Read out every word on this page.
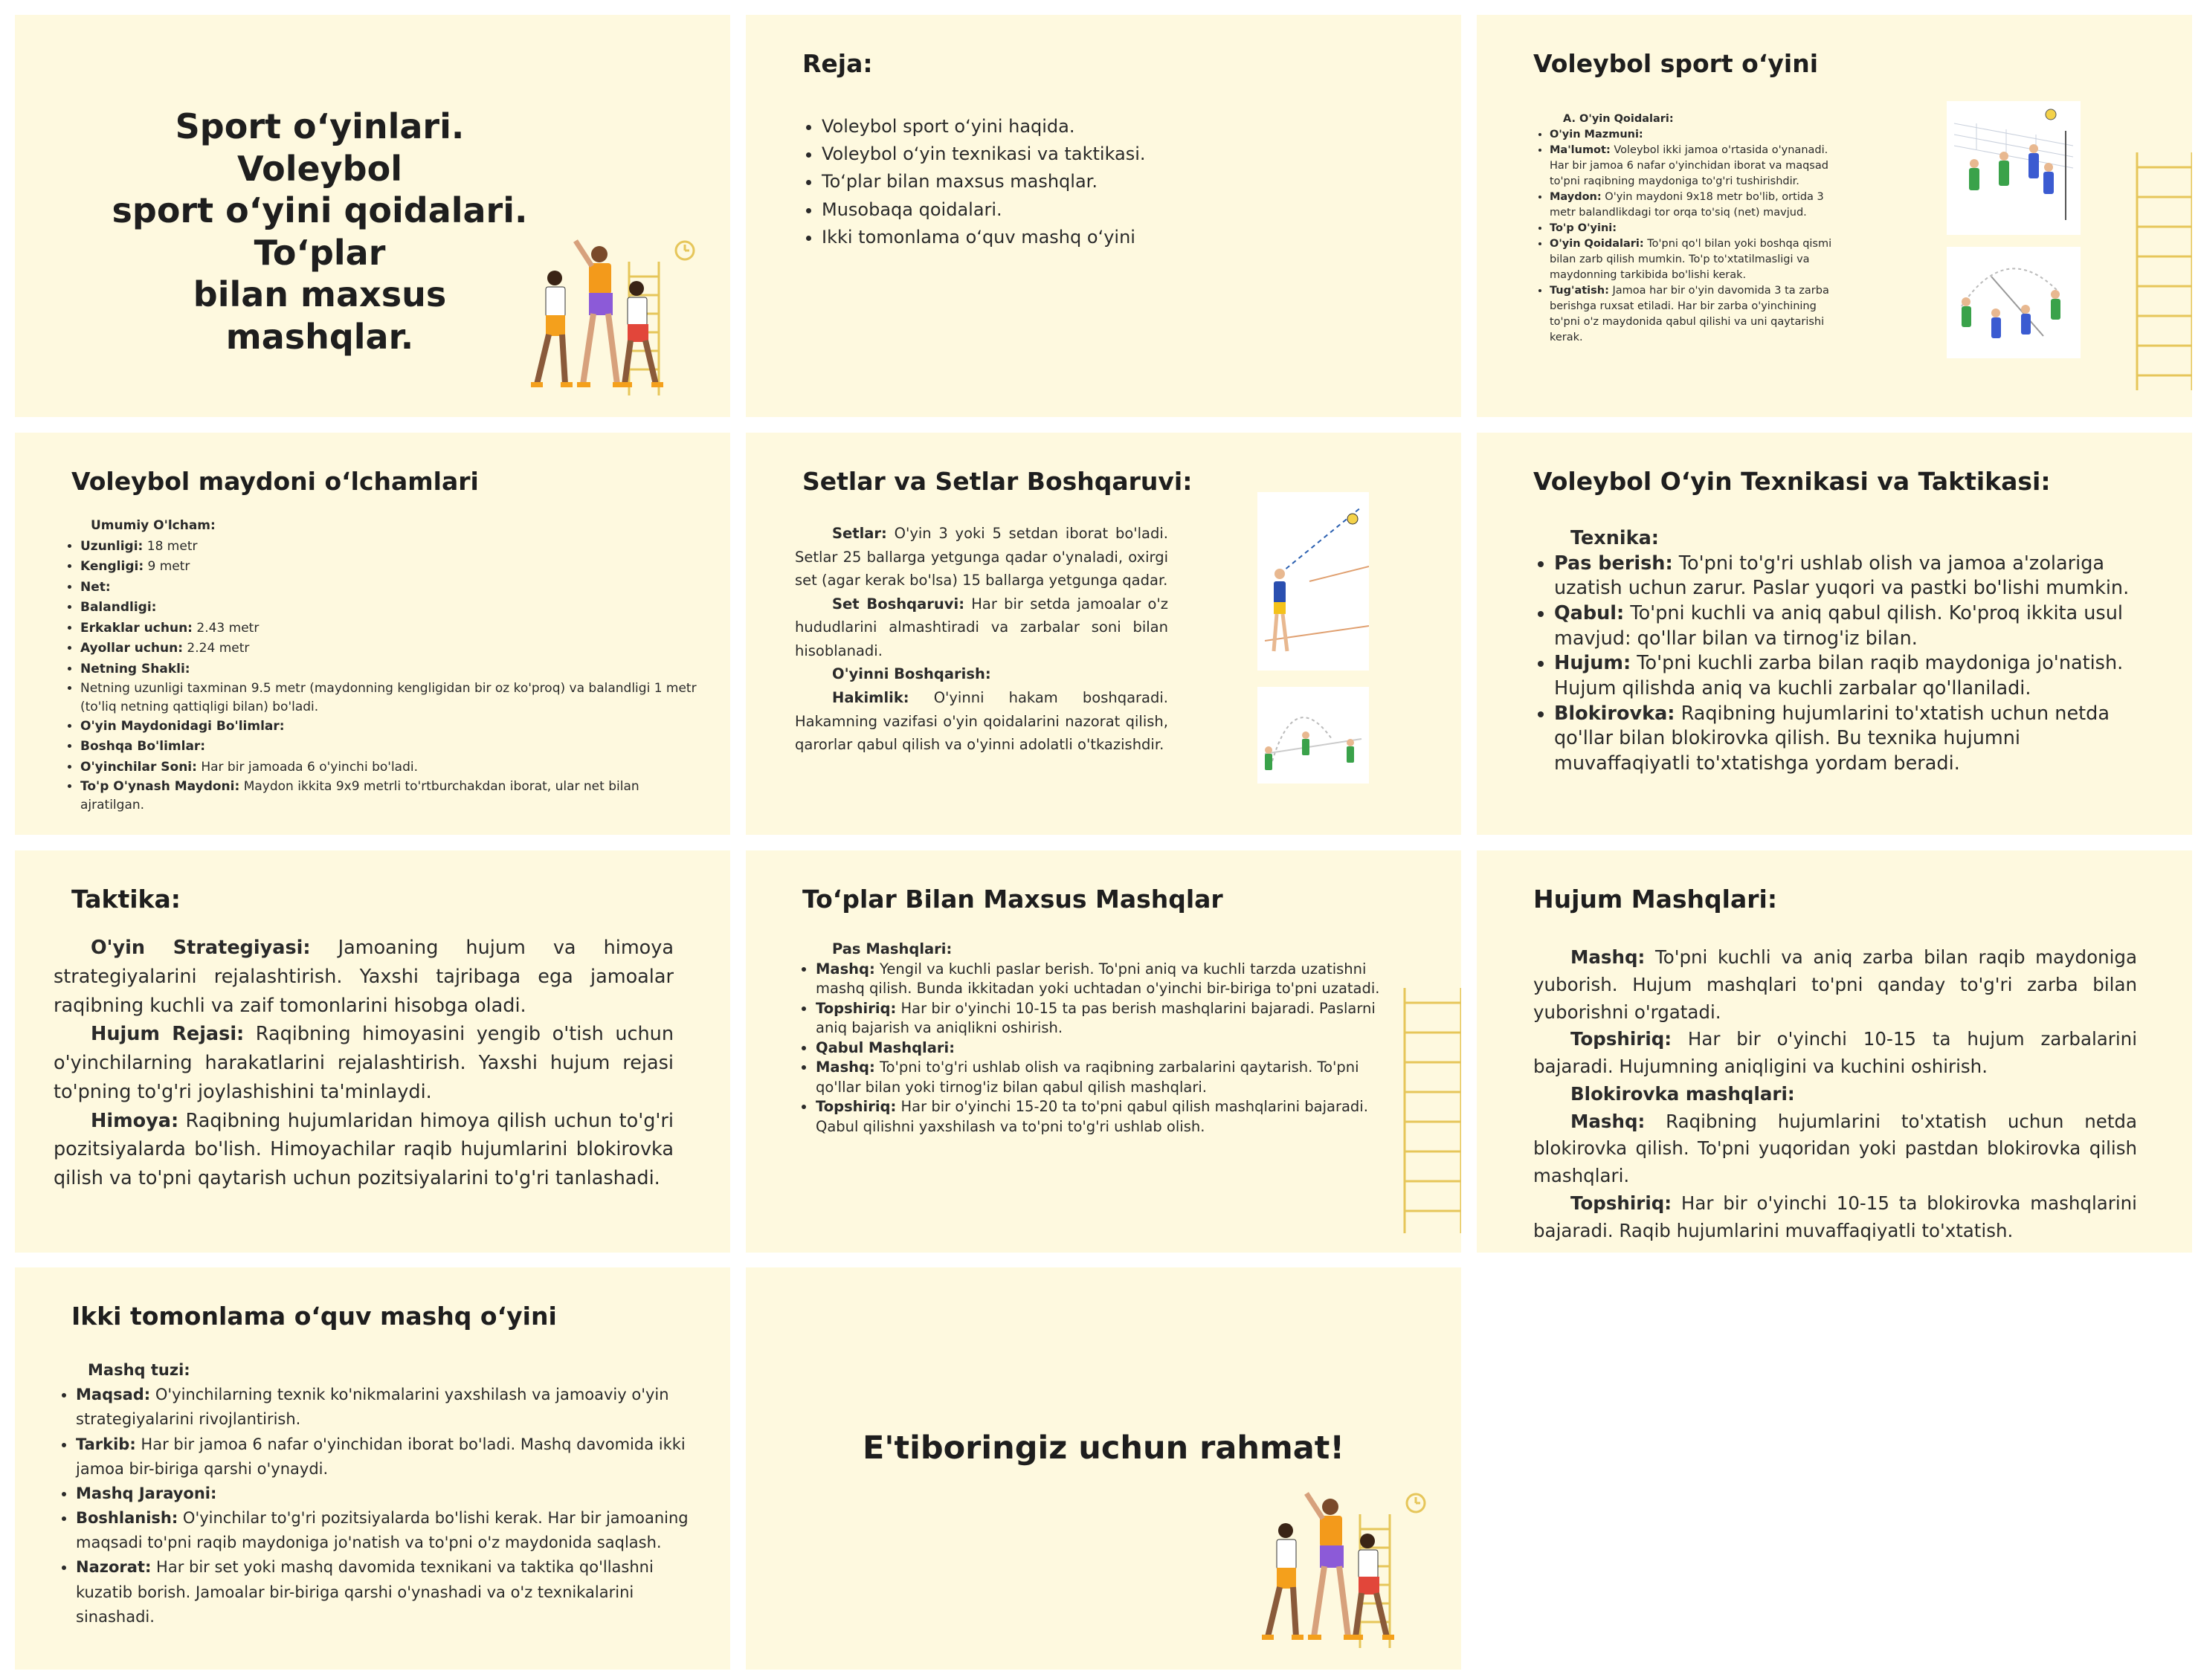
Sport o‘yinlari. Voleybol
sport o‘yini qoidalari. To‘plar
bilan maxsus mashqlar.
Reja:
• Voleybol sport o‘yini haqida.
• Voleybol o‘yin texnikasi va taktikasi.
• To‘plar bilan maxsus mashqlar.
• Musobaqa qoidalari.
• Ikki tomonlama o‘quv mashq o‘yini
Voleybol sport o‘yini

A. O'yin Qoidalari:

• O'yin Mazmuni:
• Ma'lumot: Voleybol ikki jamoa o'rtasida o'ynanadi. Har bir jamoa 6 nafar o'yinchidan iborat va maqsad to'pni raqibning maydoniga to'g'ri tushirishdir.
• Maydon: O'yin maydoni 9x18 metr bo'lib, ortida 3 metr balandlikdagi tor orqa to'siq (net) mavjud.
• To'p O'yini:
• O'yin Qoidalari: To'pni qo'l bilan yoki boshqa qismi bilan zarb qilish mumkin. To'p to'xtatilmasligi va maydonning tarkibida bo'lishi kerak.
• Tug'atish: Jamoa har bir o'yin davomida 3 ta zarba berishga ruxsat etiladi. Har bir zarba o'yinchining to'pni o'z maydonida qabul qilishi va uni qaytarishi kerak.
Voleybol maydoni o‘lchamlari

Umumiy O'lcham:

• Uzunligi: 18 metr
• Kengligi: 9 metr
• Net:
• Balandligi:
• Erkaklar uchun: 2.43 metr
• Ayollar uchun: 2.24 metr
• Netning Shakli:
• Netning uzunligi taxminan 9.5 metr (maydonning kengligidan bir oz ko'proq) va balandligi 1 metr (to'liq netning qattiqligi bilan) bo'ladi.
• O'yin Maydonidagi Bo'limlar:
• Boshqa Bo'limlar:
• O'yinchilar Soni: Har bir jamoada 6 o'yinchi bo'ladi.
• To'p O'ynash Maydoni: Maydon ikkita 9x9 metrli to'rtburchakdan iborat, ular net bilan ajratilgan.
Setlar va Setlar Boshqaruvi:

Setlar: O'yin 3 yoki 5 setdan iborat bo'ladi. Setlar 25 ballarga yetgunga qadar o'ynaladi, oxirgi set (agar kerak bo'lsa) 15 ballarga yetgunga qadar.

Set Boshqaruvi: Har bir setda jamoalar o'z hududlarini almashtiradi va zarbalar soni bilan hisoblanadi.

O'yinni Boshqarish:

Hakimlik: O'yinni hakam boshqaradi. Hakamning vazifasi o'yin qoidalarini nazorat qilish, qarorlar qabul qilish va o'yinni adolatli o'tkazishdir.

Voleybol O‘yin Texnikasi va Taktikasi:

Texnika:

• Pas berish: To'pni to'g'ri ushlab olish va jamoa a'zolariga uzatish uchun zarur. Paslar yuqori va pastki bo'lishi mumkin.
• Qabul: To'pni kuchli va aniq qabul qilish. Ko'proq ikkita usul mavjud: qo'llar bilan va tirnog'iz bilan.
• Hujum: To'pni kuchli zarba bilan raqib maydoniga jo'natish. Hujum qilishda aniq va kuchli zarbalar qo'llaniladi.
• Blokirovka: Raqibning hujumlarini to'xtatish uchun netda qo'llar bilan blokirovka qilish. Bu texnika hujumni muvaffaqiyatli to'xtatishga yordam beradi.
Taktika:

O'yin Strategiyasi: Jamoaning hujum va himoya strategiyalarini rejalashtirish. Yaxshi tajribaga ega jamoalar raqibning kuchli va zaif tomonlarini hisobga oladi.

Hujum Rejasi: Raqibning himoyasini yengib o'tish uchun o'yinchilarning harakatlarini rejalashtirish. Yaxshi hujum rejasi to'pning to'g'ri joylashishini ta'minlaydi.

Himoya: Raqibning hujumlaridan himoya qilish uchun to'g'ri pozitsiyalarda bo'lish. Himoyachilar raqib hujumlarini blokirovka qilish va to'pni qaytarish uchun pozitsiyalarini to'g'ri tanlashadi.

To‘plar Bilan Maxsus Mashqlar

Pas Mashqlari:

• Mashq: Yengil va kuchli paslar berish. To'pni aniq va kuchli tarzda uzatishni mashq qilish. Bunda ikkitadan yoki uchtadan o'yinchi bir-biriga to'pni uzatadi.
• Topshiriq: Har bir o'yinchi 10-15 ta pas berish mashqlarini bajaradi. Paslarni aniq bajarish va aniqlikni oshirish.
• Qabul Mashqlari:
• Mashq: To'pni to'g'ri ushlab olish va raqibning zarbalarini qaytarish. To'pni qo'llar bilan yoki tirnog'iz bilan qabul qilish mashqlari.
• Topshiriq: Har bir o'yinchi 15-20 ta to'pni qabul qilish mashqlarini bajaradi. Qabul qilishni yaxshilash va to'pni to'g'ri ushlab olish.
Hujum Mashqlari:

Mashq: To'pni kuchli va aniq zarba bilan raqib maydoniga yuborish. Hujum mashqlari to'pni qanday to'g'ri zarba bilan yuborishni o'rgatadi.

Topshiriq: Har bir o'yinchi 10-15 ta hujum zarbalarini bajaradi. Hujumning aniqligini va kuchini oshirish.

Blokirovka mashqlari:

Mashq: Raqibning hujumlarini to'xtatish uchun netda blokirovka qilish. To'pni yuqoridan yoki pastdan blokirovka qilish mashqlari.

Topshiriq: Har bir o'yinchi 10-15 ta blokirovka mashqlarini bajaradi. Raqib hujumlarini muvaffaqiyatli to'xtatish.

Ikki tomonlama o‘quv mashq o‘yini

Mashq tuzi:

• Maqsad: O'yinchilarning texnik ko'nikmalarini yaxshilash va jamoaviy o'yin strategiyalarini rivojlantirish.
• Tarkib: Har bir jamoa 6 nafar o'yinchidan iborat bo'ladi. Mashq davomida ikki jamoa bir-biriga qarshi o'ynaydi.
• Mashq Jarayoni:
• Boshlanish: O'yinchilar to'g'ri pozitsiyalarda bo'lishi kerak. Har bir jamoaning maqsadi to'pni raqib maydoniga jo'natish va to'pni o'z maydonida saqlash.
• Nazorat: Har bir set yoki mashq davomida texnikani va taktika qo'llashni kuzatib borish. Jamoalar bir-biriga qarshi o'ynashadi va o'z texnikalarini sinashadi.
E'tiboringiz uchun rahmat!
